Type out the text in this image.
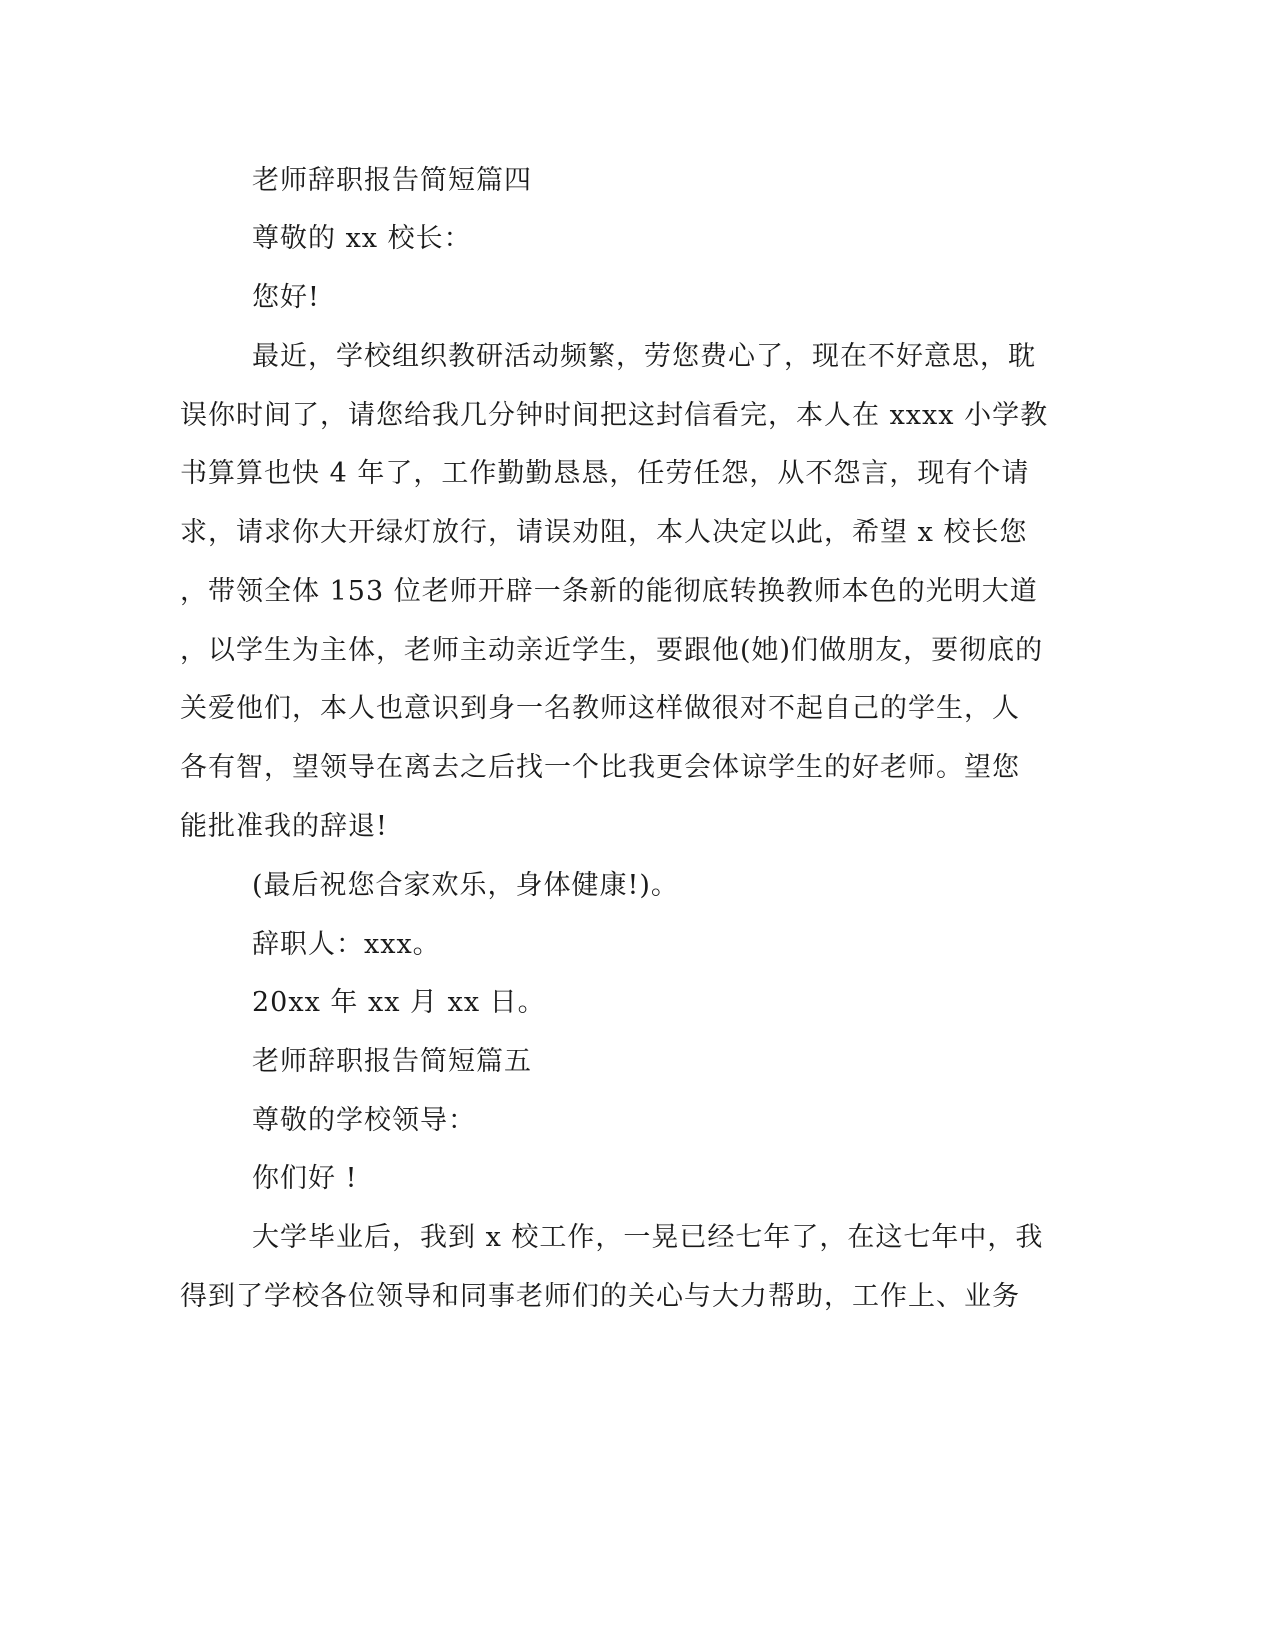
老师辞职报告简短篇四
尊敬的 xx 校长：
您好!
最近，学校组织教研活动频繁，劳您费心了，现在不好意思，耽
误你时间了，请您给我几分钟时间把这封信看完，本人在 xxxx 小学教
书算算也快 4 年了，工作勤勤恳恳，任劳任怨，从不怨言，现有个请
求，请求你大开绿灯放行，请误劝阻，本人决定以此，希望 x 校长您
，带领全体 153 位老师开辟一条新的能彻底转换教师本色的光明大道
，以学生为主体，老师主动亲近学生，要跟他(她)们做朋友，要彻底的
关爱他们，本人也意识到身一名教师这样做很对不起自己的学生，人
各有智，望领导在离去之后找一个比我更会体谅学生的好老师。望您
能批准我的辞退!
(最后祝您合家欢乐，身体健康!)。
辞职人：xxx。
20xx 年 xx 月 xx 日。
老师辞职报告简短篇五
尊敬的学校领导：
你们好 !
大学毕业后，我到 x 校工作，一晃已经七年了，在这七年中，我
得到了学校各位领导和同事老师们的关心与大力帮助，工作上、业务
